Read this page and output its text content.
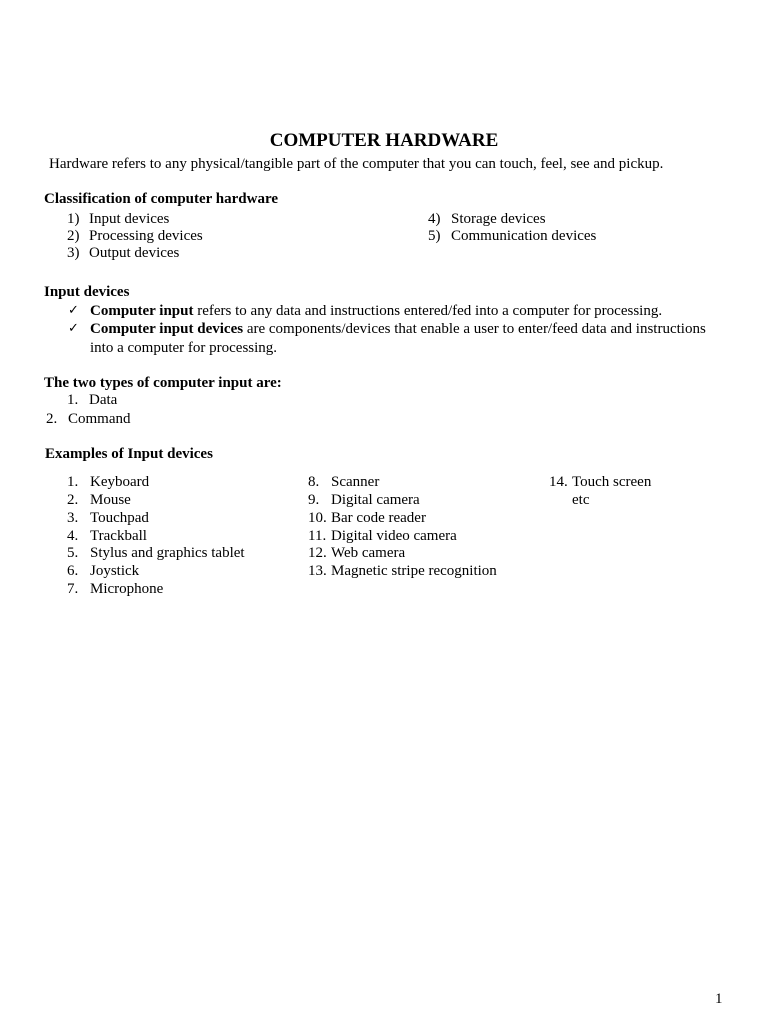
COMPUTER HARDWARE
Hardware refers to any physical/tangible part of the computer that you can touch, feel, see and pickup.
Classification of computer hardware
1) Input devices
2) Processing devices
3) Output devices
4) Storage devices
5) Communication devices
Input devices
✓ Computer input refers to any data and instructions entered/fed into a computer for processing.
✓ Computer input devices are components/devices that enable a user to enter/feed data and instructions
into a computer for processing.
The two types of computer input are:
1. Data
2. Command
Examples of Input devices
1. Keyboard
2. Mouse
3. Touchpad
4. Trackball
5. Stylus and graphics tablet
6. Joystick
7. Microphone
8. Scanner
9. Digital camera
10. Bar code reader
11. Digital video camera
12. Web camera
13. Magnetic stripe recognition
14. Touch screen
etc
1
